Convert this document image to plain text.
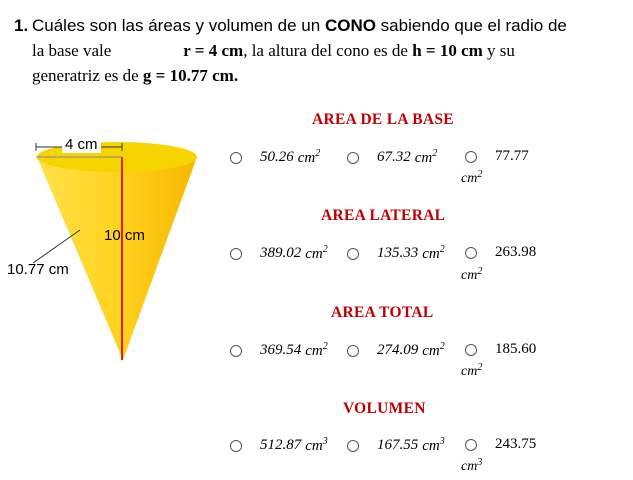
1. Cuáles son las áreas y volumen de un CONO sabiendo que el radio de
la base vale	r = 4 cm, la altura del cono es de h = 10 cm y su
generatriz es de g = 10.77 cm.
4 cm
10 cm
10.77 cm
AREA DE LA BASE
50.26 $cm^2$	67.32 $cm^2$	77.77
$cm^2$
AREA LATERAL
389.02 $cm^2$	135.33 $cm^2$	263.98
$cm^2$
AREA TOTAL
369.54 $cm^2$	274.09 $cm^2$	185.60
$cm^2$
VOLUMEN
512.87 $cm^3$	167.55 $cm^3$	243.75
$cm^3$
